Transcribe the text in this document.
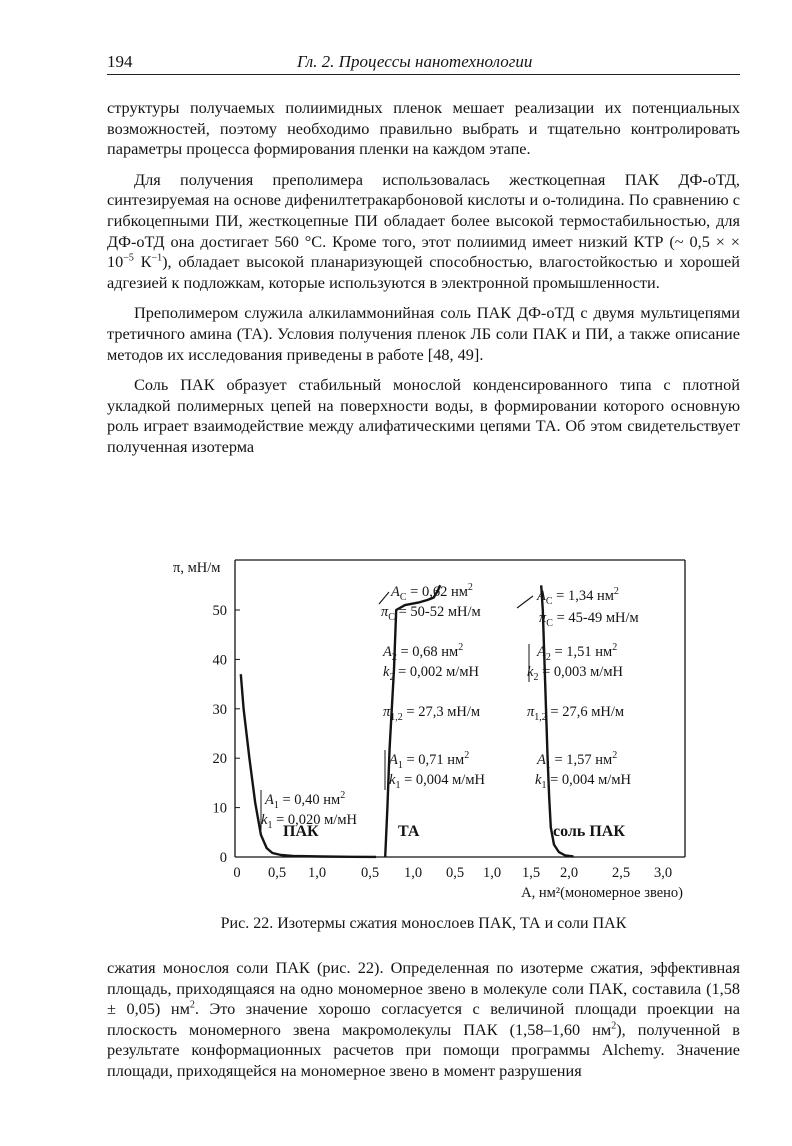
194	Гл. 2. Процессы нанотехнологии

структуры получаемых полиимидных пленок мешает реализации их потенциальных возможностей, поэтому необходимо правильно выбрать и тщательно контролировать параметры процесса формирования пленки на каждом этапе.

Для получения преполимера использовалась жесткоцепная ПАК ДФ-оТД, синтезируемая на основе дифенилтетракарбоновой кислоты и о-толидина. По сравнению с гибкоцепными ПИ, жесткоцепные ПИ обладает более высокой термостабильностью, для ДФ-оТД она достигает 560 °С. Кроме того, этот полиимид имеет низкий КТР (~ 0,5 × × $10^{-5}$ $К^{-1}$), обладает высокой планаризующей способностью, влагостойкостью и хорошей адгезией к подложкам, которые используются в электронной промышленности.

Преполимером служила алкиламмонийная соль ПАК ДФ-оТД с двумя мультицепями третичного амина (ТА). Условия получения пленок ЛБ соли ПАК и ПИ, а также описание методов их исследования приведены в работе [48, 49].

Соль ПАК образует стабильный монослой конденсированного типа с плотной укладкой полимерных цепей на поверхности воды, в формировании которого основную роль играет взаимодействие между алифатическими цепями ТА. Об этом свидетельствует полученная изотерма

π, мН/м
0
10
20
30
40
50
0 0,5 1,0 0,5 1,0 0,5 1,0 1,5 2,0 2,5 3,0
A, нм²(мономерное звено)
ПАК	ТА	соль ПАК
$A_1 = 0,40$ $нм^2$
$k_1 = 0,020$ м/мН
$A_C = 0,62$ $нм^2$
$\pi_C = 50-52$ мН/м
$A_2 = 0,68$ $нм^2$
$k_2 = 0,002$ м/мН
$\pi_{1,2} = 27,3$ мН/м
$A_1 = 0,71$ $нм^2$
$k_1 = 0,004$ м/мН
$A_C = 1,34$ $нм^2$
$\pi_C = 45-49$ мН/м
$A_2 = 1,51$ $нм^2$
$k_2 = 0,003$ м/мН
$\pi_{1,2} = 27,6$ мН/м
$A_1 = 1,57$ $нм^2$
$k_1 = 0,004$ м/мН
Рис. 22. Изотермы сжатия монослоев ПАК, ТА и соли ПАК

сжатия монослоя соли ПАК (рис. 22). Определенная по изотерме сжатия, эффективная площадь, приходящаяся на одно мономерное звено в молекуле соли ПАК, составила (1,58 ± 0,05) $нм^2$. Это значение хорошо согласуется с величиной площади проекции на плоскость мономерного звена макромолекулы ПАК (1,58–1,60 $нм^2$), полученной в результате конформационных расчетов при помощи программы Alchemy. Значение площади, приходящейся на мономерное звено в момент разрушения
